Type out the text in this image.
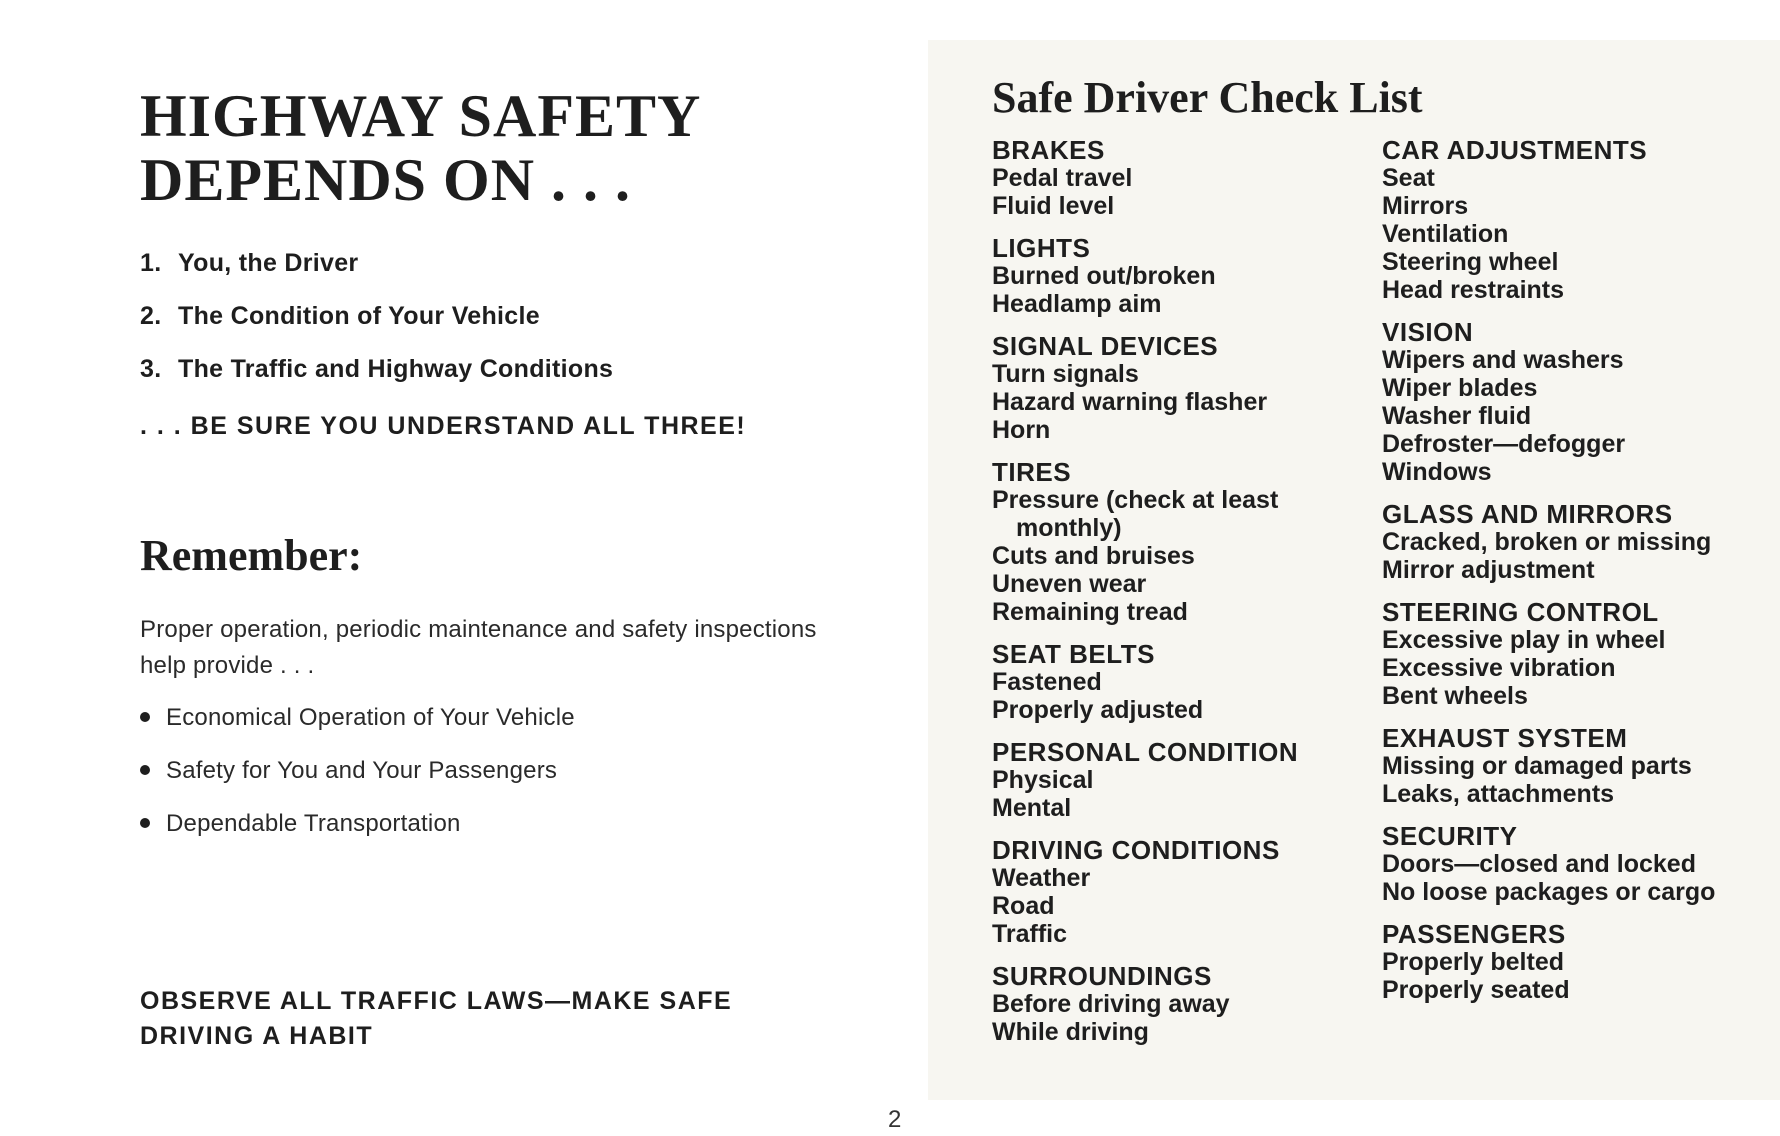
HIGHWAY SAFETY
DEPENDS ON . . .
1. You, the Driver
2. The Condition of Your Vehicle
3. The Traffic and Highway Conditions
. . . BE SURE YOU UNDERSTAND ALL THREE!
Remember:

Proper operation, periodic maintenance and safety inspections help provide . . .

Economical Operation of Your Vehicle
Safety for You and Your Passengers
Dependable Transportation

OBSERVE ALL TRAFFIC LAWS—MAKE SAFE DRIVING A HABIT

2
Safe Driver Check List
BRAKES
Pedal travel
Fluid level
LIGHTS
Burned out/broken
Headlamp aim
SIGNAL DEVICES
Turn signals
Hazard warning flasher
Horn
TIRES
Pressure (check at least
monthly)
Cuts and bruises
Uneven wear
Remaining tread
SEAT BELTS
Fastened
Properly adjusted
PERSONAL CONDITION
Physical
Mental
DRIVING CONDITIONS
Weather
Road
Traffic
SURROUNDINGS
Before driving away
While driving
CAR ADJUSTMENTS
Seat
Mirrors
Ventilation
Steering wheel
Head restraints
VISION
Wipers and washers
Wiper blades
Washer fluid
Defroster—defogger
Windows
GLASS AND MIRRORS
Cracked, broken or missing
Mirror adjustment
STEERING CONTROL
Excessive play in wheel
Excessive vibration
Bent wheels
EXHAUST SYSTEM
Missing or damaged parts
Leaks, attachments
SECURITY
Doors—closed and locked
No loose packages or cargo
PASSENGERS
Properly belted
Properly seated
